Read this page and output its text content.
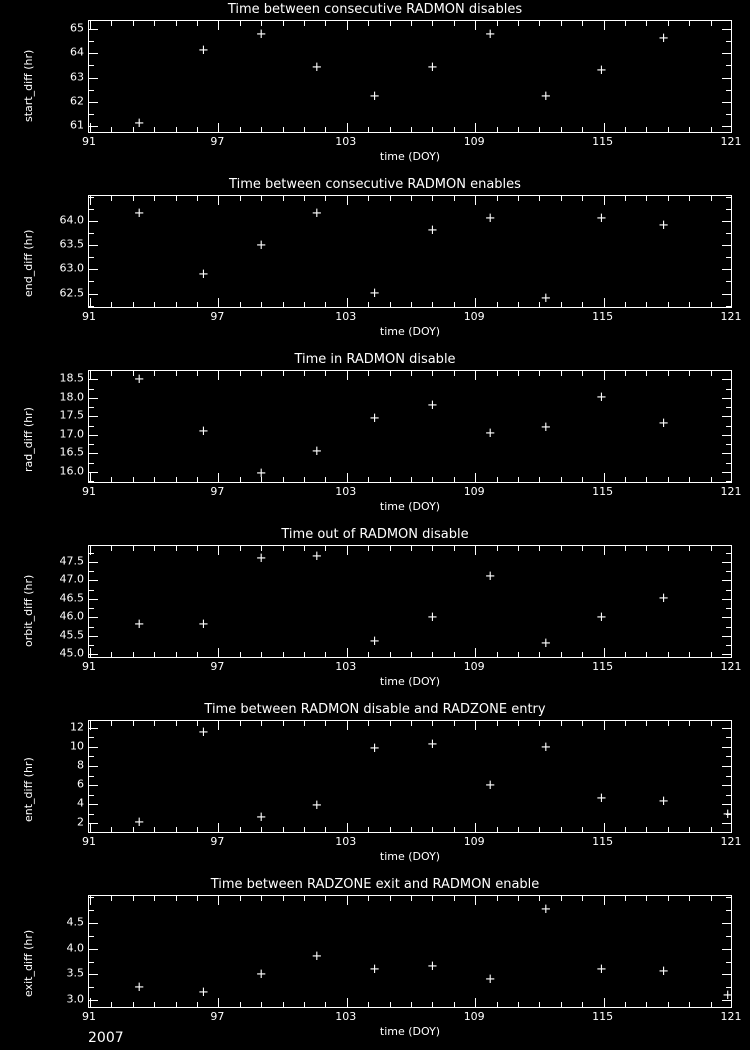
Time between consecutive RADMON disables
+
+
+
+
+
+
+
+
+
+
time (DOY)
91	97	103	109	115	121
61
62
63
64
65
start_diff (hr)
Time between consecutive RADMON enables
+
+
+
+
+
+
+
+
+
+
time (DOY)
91	97	103	109	115	121
62.5
63.0
63.5
64.0
end_diff (hr)
Time in RADMON disable
+
+
+
+
+
+
+
+
+
+
time (DOY)
91	97	103	109	115	121
16.0
16.5
17.0
17.5
18.0
18.5
rad_diff (hr)
Time out of RADMON disable
+
+
+
+
+
+
+
+
+
+
time (DOY)
91	97	103	109	115	121
45.0
45.5
46.0
46.5
47.0
47.5
orbit_diff (hr)
Time between RADMON disable and RADZONE entry
+
+
+
+
+
+
+
+
+
+
+
time (DOY)
91	97	103	109	115	121
2
4
6
8
10
12
ent_diff (hr)
Time between RADZONE exit and RADMON enable
+
+
+
+
+
+
+
+
+
+
+
time (DOY)
91	97	103	109	115	121
3.0
3.5
4.0
4.5
exit_diff (hr)
2007
